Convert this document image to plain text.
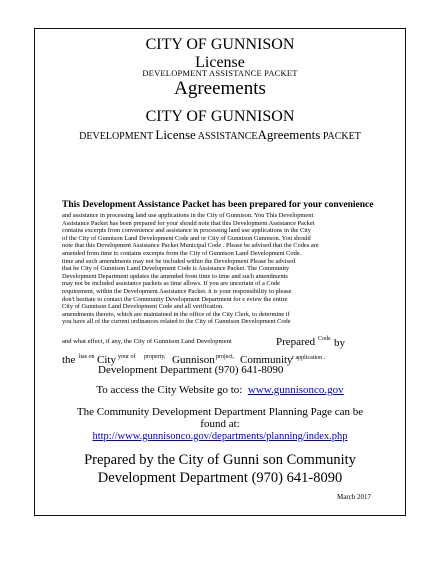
CITY OF GUNNISON
License
DEVELOPMENT ASSISTANCE PACKET
Agreements
CITY OF GUNNISON
DEVELOPMENT License ASSISTANCEAgreements PACKET
This Development Assistance Packet has been prepared for your convenience
and assistance in processing land use applications in the City of Gunnison. You This Development
Assistance Packet has been prepared for your should note that this Development Assistance Packet
contains excerpts from convenience and assistance in processing land use applications in the City
of the City of Gunnison Land Development Code and or City of Gunnison Gunnison. You should
note that this Development Assistance Packet Municipal Code . Please be advised that the Codes are
amended from time to contains excerpts from the City of Gunnison Land Development Code.
time and such amendments may not be included within the Development Please be advised
that he City of Gunnison Land Development Code is Assistance Packet. The Community
Development Department updates the amended from time to time and such amendments
may not be included assistance packets as time allows. If you are uncertain of a Code
requirement, within the Development Assistance Packet. it is your responsibility to please
don't hesitate to contact the Community Development Department for e eview the entire
City of Gunnison Land Development Code and all verification.
amendments thereto, which are maintained in the office of the City Clerk, to determine if
you have all of the current ordinances related to the City of Gunnison Development Code
and what effect, if any, the City of Gunnison Land Development	Prepared Code by
the has on City your of property, Gunnison project, Community r application .
Development Department (970) 641-8090
To access the City Website go to: www.gunnisonco.gov
The Community Development Department Planning Page can be
found at:
http://www.gunnisonco.gov/departments/planning/index.php
Prepared by the City of Gunni son Community
Development Department (970) 641-8090
March 2017
